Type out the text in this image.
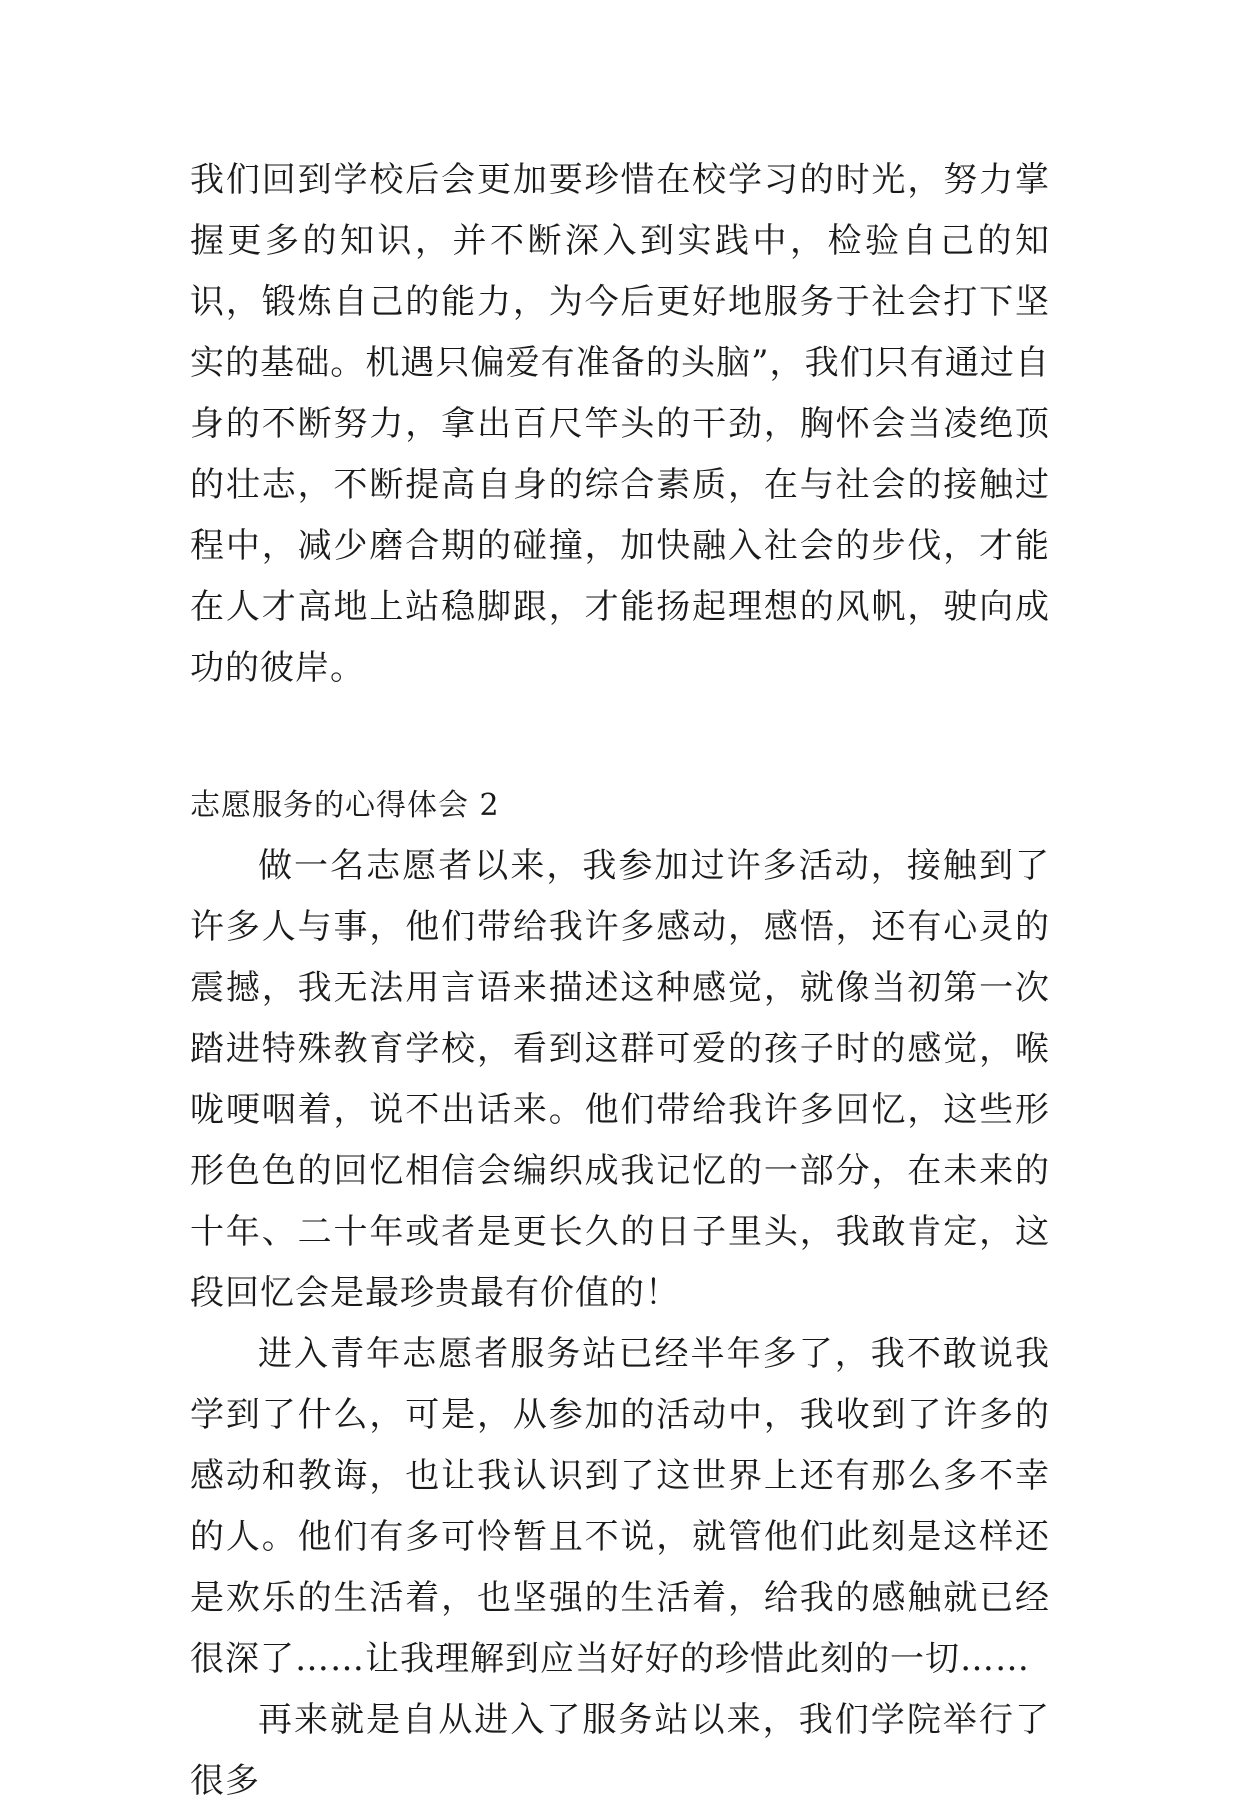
我们回到学校后会更加要珍惜在校学习的时光，努力掌握更多的知识，并不断深入到实践中，检验自己的知识，锻炼自己的能力，为今后更好地服务于社会打下坚实的基础。机遇只偏爱有准备的头脑”，我们只有通过自身的不断努力，拿出百尺竿头的干劲，胸怀会当凌绝顶的壮志，不断提高自身的综合素质，在与社会的接触过程中，减少磨合期的碰撞，加快融入社会的步伐，才能在人才高地上站稳脚跟，才能扬起理想的风帆，驶向成功的彼岸。

志愿服务的心得体会 2

做一名志愿者以来，我参加过许多活动，接触到了许多人与事，他们带给我许多感动，感悟，还有心灵的震撼，我无法用言语来描述这种感觉，就像当初第一次踏进特殊教育学校，看到这群可爱的孩子时的感觉，喉咙哽咽着，说不出话来。他们带给我许多回忆，这些形形色色的回忆相信会编织成我记忆的一部分，在未来的十年、二十年或者是更长久的日子里头，我敢肯定，这段回忆会是最珍贵最有价值的！

进入青年志愿者服务站已经半年多了，我不敢说我学到了什么，可是，从参加的活动中，我收到了许多的感动和教诲，也让我认识到了这世界上还有那么多不幸的人。他们有多可怜暂且不说，就管他们此刻是这样还是欢乐的生活着，也坚强的生活着，给我的感触就已经很深了……让我理解到应当好好的珍惜此刻的一切……

再来就是自从进入了服务站以来，我们学院举行了很多
